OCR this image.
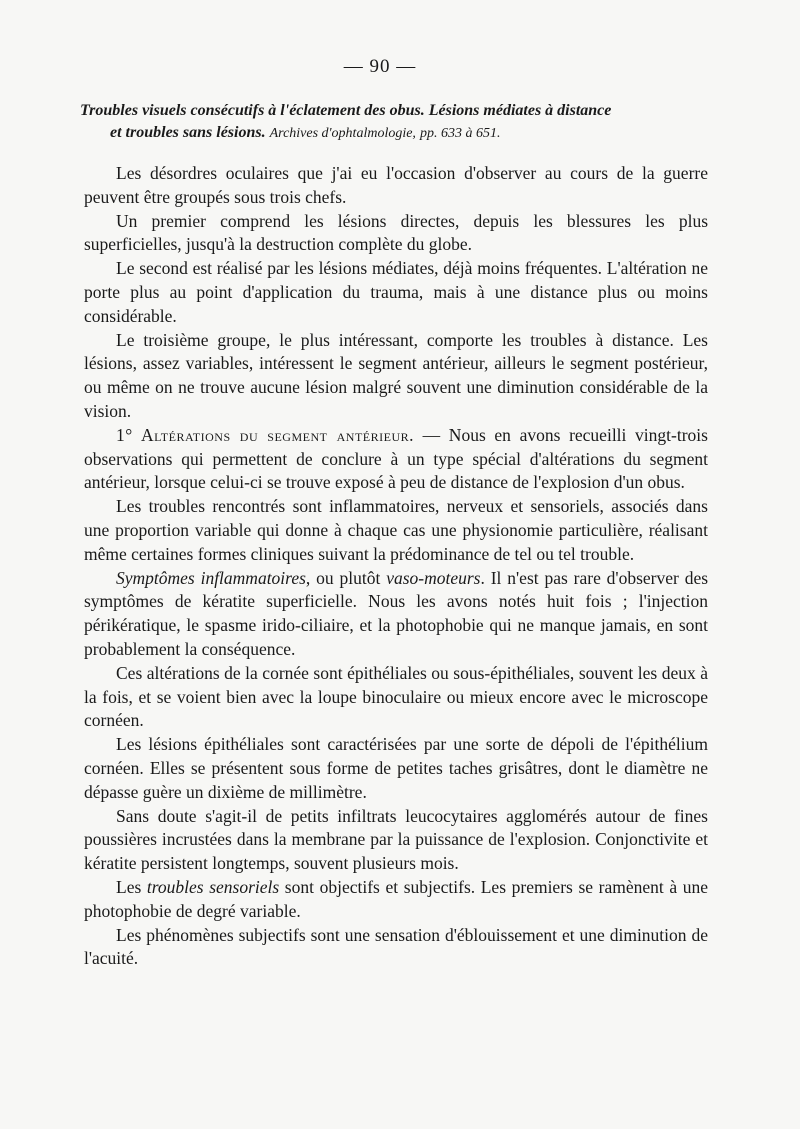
— 90 —
Troubles visuels consécutifs à l'éclatement des obus. Lésions médiates à distance
et troubles sans lésions. Archives d'ophtalmologie, pp. 633 à 651.

Les désordres oculaires que j'ai eu l'occasion d'observer au cours de la guerre peuvent être groupés sous trois chefs.

Un premier comprend les lésions directes, depuis les blessures les plus superficielles, jusqu'à la destruction complète du globe.

Le second est réalisé par les lésions médiates, déjà moins fréquentes. L'altération ne porte plus au point d'application du trauma, mais à une distance plus ou moins considérable.

Le troisième groupe, le plus intéressant, comporte les troubles à distance. Les lésions, assez variables, intéressent le segment antérieur, ailleurs le segment postérieur, ou même on ne trouve aucune lésion malgré souvent une diminution considérable de la vision.

1° Altérations du segment antérieur. — Nous en avons recueilli vingt-trois observations qui permettent de conclure à un type spécial d'altérations du segment antérieur, lorsque celui-ci se trouve exposé à peu de distance de l'explosion d'un obus.

Les troubles rencontrés sont inflammatoires, nerveux et sensoriels, associés dans une proportion variable qui donne à chaque cas une physionomie particulière, réalisant même certaines formes cliniques suivant la prédominance de tel ou tel trouble.

Symptômes inflammatoires, ou plutôt vaso-moteurs. Il n'est pas rare d'observer des symptômes de kératite superficielle. Nous les avons notés huit fois ; l'injection périkératique, le spasme irido-ciliaire, et la photophobie qui ne manque jamais, en sont probablement la conséquence.

Ces altérations de la cornée sont épithéliales ou sous-épithéliales, souvent les deux à la fois, et se voient bien avec la loupe binoculaire ou mieux encore avec le microscope cornéen.

Les lésions épithéliales sont caractérisées par une sorte de dépoli de l'épithélium cornéen. Elles se présentent sous forme de petites taches grisâtres, dont le diamètre ne dépasse guère un dixième de millimètre.

Sans doute s'agit-il de petits infiltrats leucocytaires agglomérés autour de fines poussières incrustées dans la membrane par la puissance de l'explosion. Conjonctivite et kératite persistent longtemps, souvent plusieurs mois.

Les troubles sensoriels sont objectifs et subjectifs. Les premiers se ramènent à une photophobie de degré variable.

Les phénomènes subjectifs sont une sensation d'éblouissement et une diminution de l'acuité.
